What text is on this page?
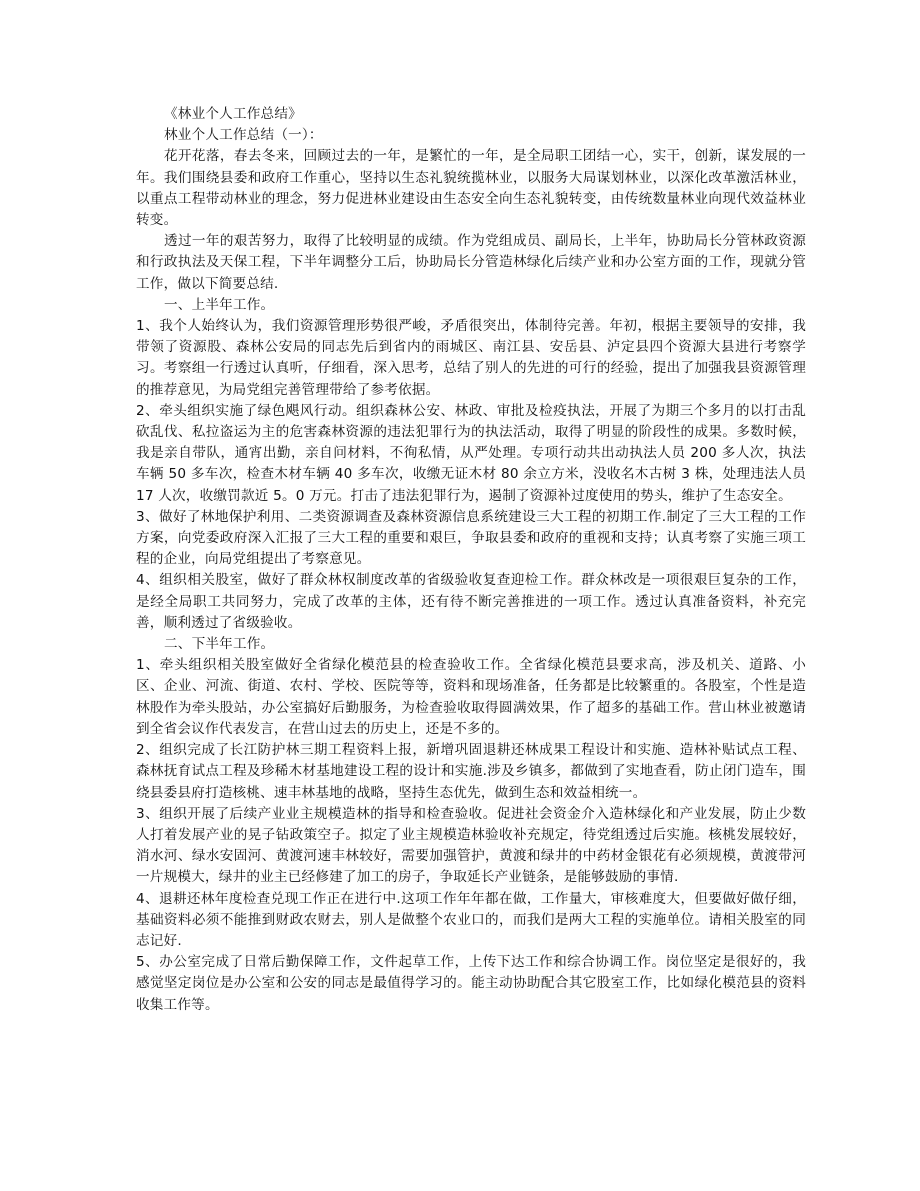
《林业个人工作总结》

林业个人工作总结（一）：

花开花落，春去冬来，回顾过去的一年，是繁忙的一年，是全局职工团结一心，实干，创新，谋发展的一年。我们围绕县委和政府工作重心，坚持以生态礼貌统揽林业，以服务大局谋划林业，以深化改革激活林业，以重点工程带动林业的理念，努力促进林业建设由生态安全向生态礼貌转变，由传统数量林业向现代效益林业转变。

透过一年的艰苦努力，取得了比较明显的成绩。作为党组成员、副局长，上半年，协助局长分管林政资源和行政执法及天保工程，下半年调整分工后，协助局长分管造林绿化后续产业和办公室方面的工作，现就分管工作，做以下简要总结.

一、上半年工作。

1、我个人始终认为，我们资源管理形势很严峻，矛盾很突出，体制待完善。年初，根据主要领导的安排，我带领了资源股、森林公安局的同志先后到省内的雨城区、南江县、安岳县、泸定县四个资源大县进行考察学习。考察组一行透过认真听，仔细看，深入思考，总结了别人的先进的可行的经验，提出了加强我县资源管理的推荐意见，为局党组完善管理带给了参考依据。

2、牵头组织实施了绿色飓风行动。组织森林公安、林政、审批及检疫执法，开展了为期三个多月的以打击乱砍乱伐、私拉盗运为主的危害森林资源的违法犯罪行为的执法活动，取得了明显的阶段性的成果。多数时候，我是亲自带队，通宵出勤，亲自问材料，不徇私情，从严处理。专项行动共出动执法人员 200 多人次，执法车辆 50 多车次，检查木材车辆 40 多车次，收缴无证木材 80 余立方米，没收名木古树 3 株，处理违法人员 17 人次，收缴罚款近 5。0 万元。打击了违法犯罪行为，遏制了资源补过度使用的势头，维护了生态安全。

3、做好了林地保护利用、二类资源调查及森林资源信息系统建设三大工程的初期工作.制定了三大工程的工作方案，向党委政府深入汇报了三大工程的重要和艰巨，争取县委和政府的重视和支持；认真考察了实施三项工程的企业，向局党组提出了考察意见。

4、组织相关股室，做好了群众林权制度改革的省级验收复查迎检工作。群众林改是一项很艰巨复杂的工作，是经全局职工共同努力，完成了改革的主体，还有待不断完善推进的一项工作。透过认真准备资料，补充完善，顺利透过了省级验收。

二、下半年工作。

1、牵头组织相关股室做好全省绿化模范县的检查验收工作。全省绿化模范县要求高，涉及机关、道路、小区、企业、河流、街道、农村、学校、医院等等，资料和现场准备，任务都是比较繁重的。各股室，个性是造林股作为牵头股站，办公室搞好后勤服务，为检查验收取得圆满效果，作了超多的基础工作。营山林业被邀请到全省会议作代表发言，在营山过去的历史上，还是不多的。

2、组织完成了长江防护林三期工程资料上报，新增巩固退耕还林成果工程设计和实施、造林补贴试点工程、森林抚育试点工程及珍稀木材基地建设工程的设计和实施.涉及乡镇多，都做到了实地查看，防止闭门造车，围绕县委县府打造核桃、速丰林基地的战略，坚持生态优先，做到生态和效益相统一。

3、组织开展了后续产业业主规模造林的指导和检查验收。促进社会资金介入造林绿化和产业发展，防止少数人打着发展产业的晃子钻政策空子。拟定了业主规模造林验收补充规定，待党组透过后实施。核桃发展较好，消水河、绿水安固河、黄渡河速丰林较好，需要加强管护，黄渡和绿井的中药材金银花有必须规模，黄渡带河一片规模大，绿井的业主已经修建了加工的房子，争取延长产业链条，是能够鼓励的事情.

4、退耕还林年度检查兑现工作正在进行中.这项工作年年都在做，工作量大，审核难度大，但要做好做仔细，基础资料必须不能推到财政农财去，别人是做整个农业口的，而我们是两大工程的实施单位。请相关股室的同志记好.

5、办公室完成了日常后勤保障工作，文件起草工作，上传下达工作和综合协调工作。岗位坚定是很好的，我感觉坚定岗位是办公室和公安的同志是最值得学习的。能主动协助配合其它股室工作，比如绿化模范县的资料收集工作等。
